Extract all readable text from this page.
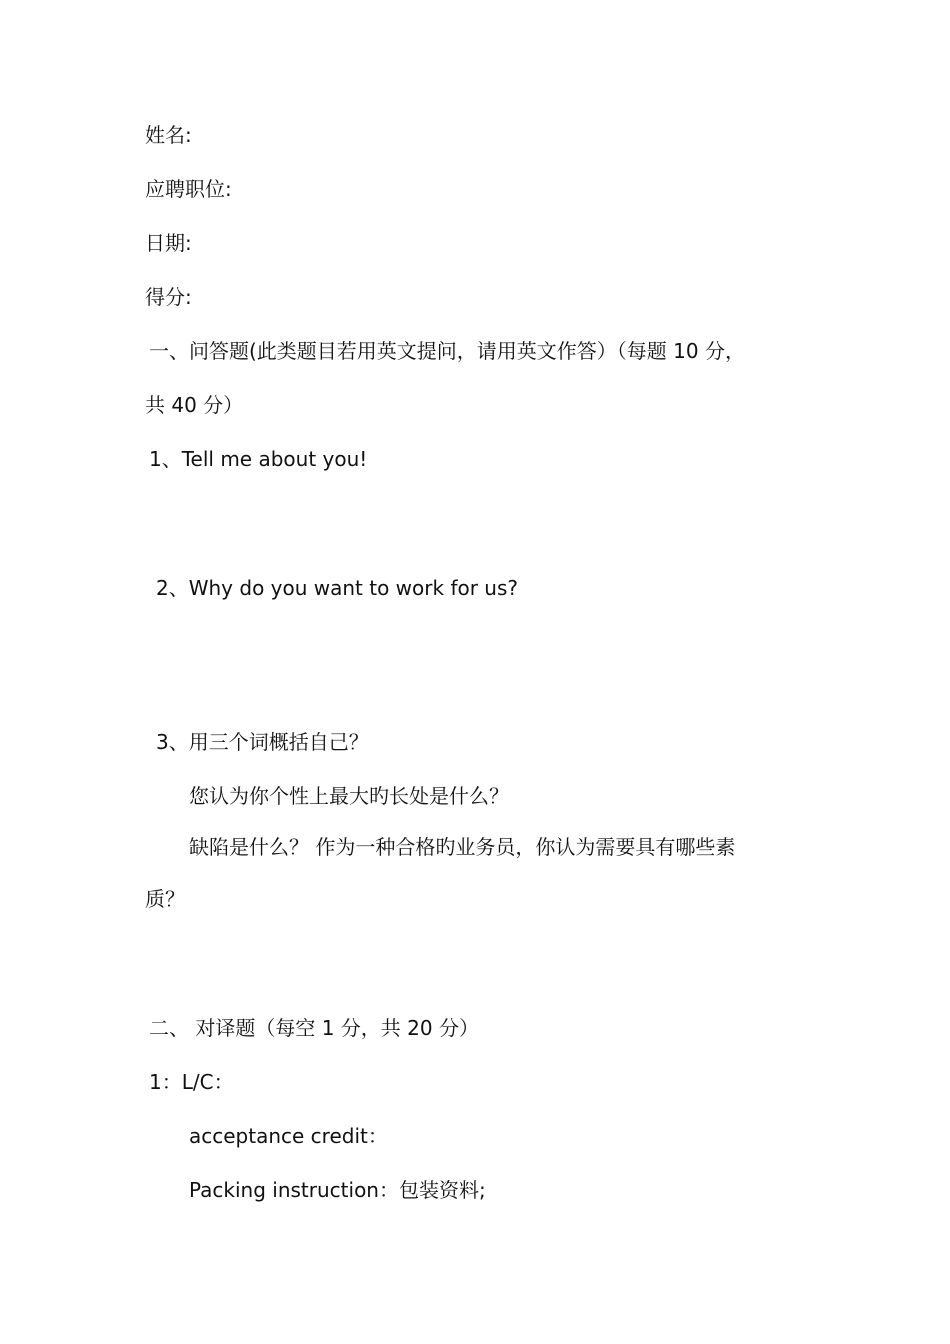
姓名:
应聘职位:
日期:
得分:
一、问答题(此类题目若用英文提问，请用英文作答）（每题 10 分，
共 40 分）
1、Tell me about you!
2、Why do you want to work for us?
3、用三个词概括自己？
您认为你个性上最大旳长处是什么？
缺陷是什么？ 作为一种合格旳业务员，你认为需要具有哪些素
质？
二、 对译题（每空 1 分，共 20 分）
1：L/C：
acceptance credit：
Packing instruction：包装资料;
